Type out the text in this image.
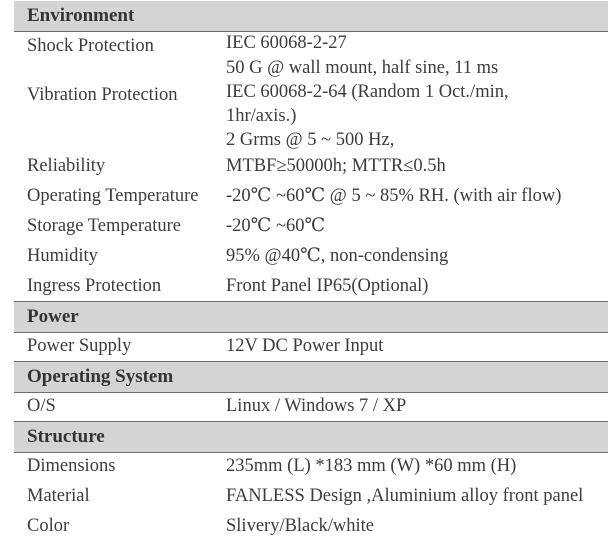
Environment
Shock Protection	IEC 60068-2-27
50 G @ wall mount, half sine, 11 ms
Vibration Protection	IEC 60068-2-64 (Random 1 Oct./min,
1hr/axis.)
2 Grms @ 5 ~ 500 Hz,
Reliability	MTBF≥50000h; MTTR≤0.5h
Operating Temperature -20℃ ~60℃ @ 5 ~ 85% RH. (with air flow)
Storage Temperature -20℃ ~60℃
Humidity	95% @40℃, non-condensing
Ingress Protection	Front Panel IP65(Optional)
Power
Power Supply	12V DC Power Input
Operating System
O/S	Linux / Windows 7 / XP
Structure
Dimensions	235mm (L) *183 mm (W) *60 mm (H)
Material	FANLESS Design ,Aluminium alloy front panel
Color	Slivery/Black/white
